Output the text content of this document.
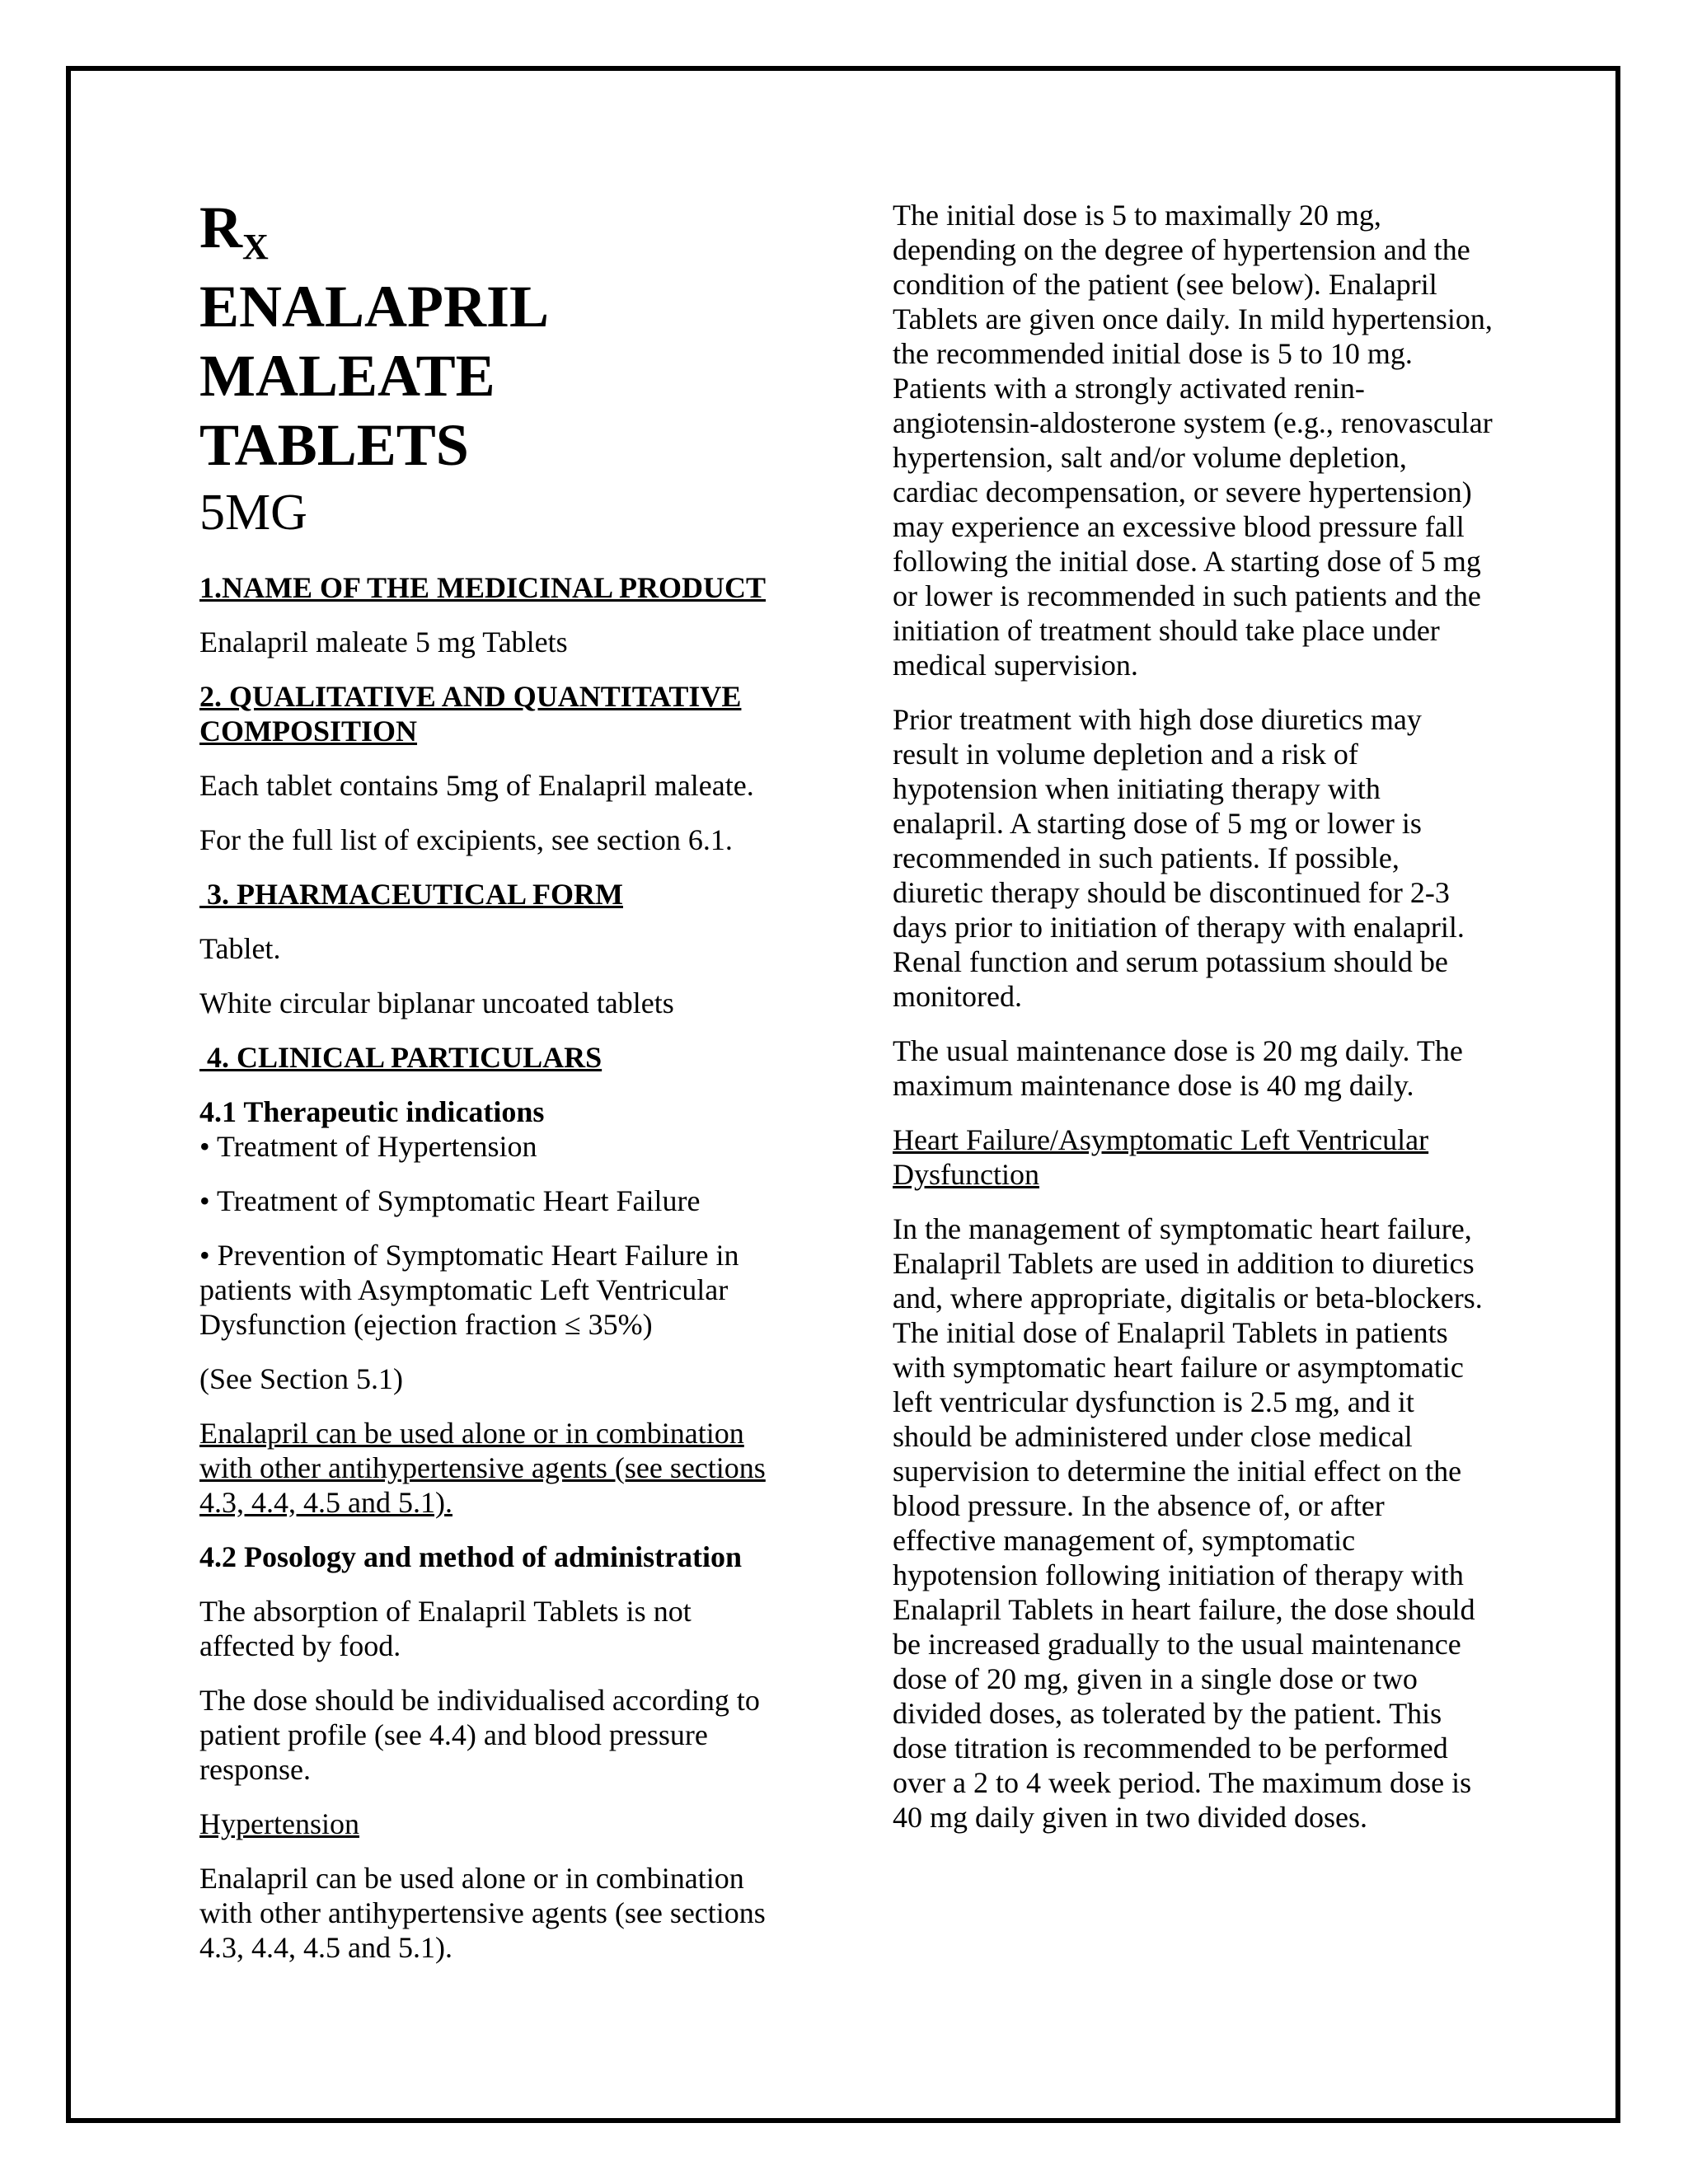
$R_X$
ENALAPRIL
MALEATE
TABLETS
5MG
1.NAME OF THE MEDICINAL PRODUCT

Enalapril maleate 5 mg Tablets

2. QUALITATIVE AND QUANTITATIVE
COMPOSITION

Each tablet contains 5mg of Enalapril maleate.

For the full list of excipients, see section 6.1.

3. PHARMACEUTICAL FORM

Tablet.

White circular biplanar uncoated tablets

4. CLINICAL PARTICULARS
4.1 Therapeutic indications

• Treatment of Hypertension

• Treatment of Symptomatic Heart Failure

• Prevention of Symptomatic Heart Failure in patients with Asymptomatic Left Ventricular Dysfunction (ejection fraction ≤ 35%)

(See Section 5.1)

Enalapril can be used alone or in combination with other antihypertensive agents (see sections 4.3, 4.4, 4.5 and 5.1).

4.2 Posology and method of administration

The absorption of Enalapril Tablets is not affected by food.

The dose should be individualised according to patient profile (see 4.4) and blood pressure response.

Hypertension

Enalapril can be used alone or in combination with other antihypertensive agents (see sections 4.3, 4.4, 4.5 and 5.1).

The initial dose is 5 to maximally 20 mg, depending on the degree of hypertension and the condition of the patient (see below). Enalapril Tablets are given once daily. In mild hypertension, the recommended initial dose is 5 to 10 mg. Patients with a strongly activated renin-angiotensin-aldosterone system (e.g., renovascular hypertension, salt and/or volume depletion, cardiac decompensation, or severe hypertension) may experience an excessive blood pressure fall following the initial dose. A starting dose of 5 mg or lower is recommended in such patients and the initiation of treatment should take place under medical supervision.

Prior treatment with high dose diuretics may result in volume depletion and a risk of hypotension when initiating therapy with enalapril. A starting dose of 5 mg or lower is recommended in such patients. If possible, diuretic therapy should be discontinued for 2-3 days prior to initiation of therapy with enalapril. Renal function and serum potassium should be monitored.

The usual maintenance dose is 20 mg daily. The maximum maintenance dose is 40 mg daily.

Heart Failure/Asymptomatic Left Ventricular Dysfunction

In the management of symptomatic heart failure, Enalapril Tablets are used in addition to diuretics and, where appropriate, digitalis or beta-blockers. The initial dose of Enalapril Tablets in patients with symptomatic heart failure or asymptomatic left ventricular dysfunction is 2.5 mg, and it should be administered under close medical supervision to determine the initial effect on the blood pressure. In the absence of, or after effective management of, symptomatic hypotension following initiation of therapy with Enalapril Tablets in heart failure, the dose should be increased gradually to the usual maintenance dose of 20 mg, given in a single dose or two divided doses, as tolerated by the patient. This dose titration is recommended to be performed over a 2 to 4 week period. The maximum dose is 40 mg daily given in two divided doses.
